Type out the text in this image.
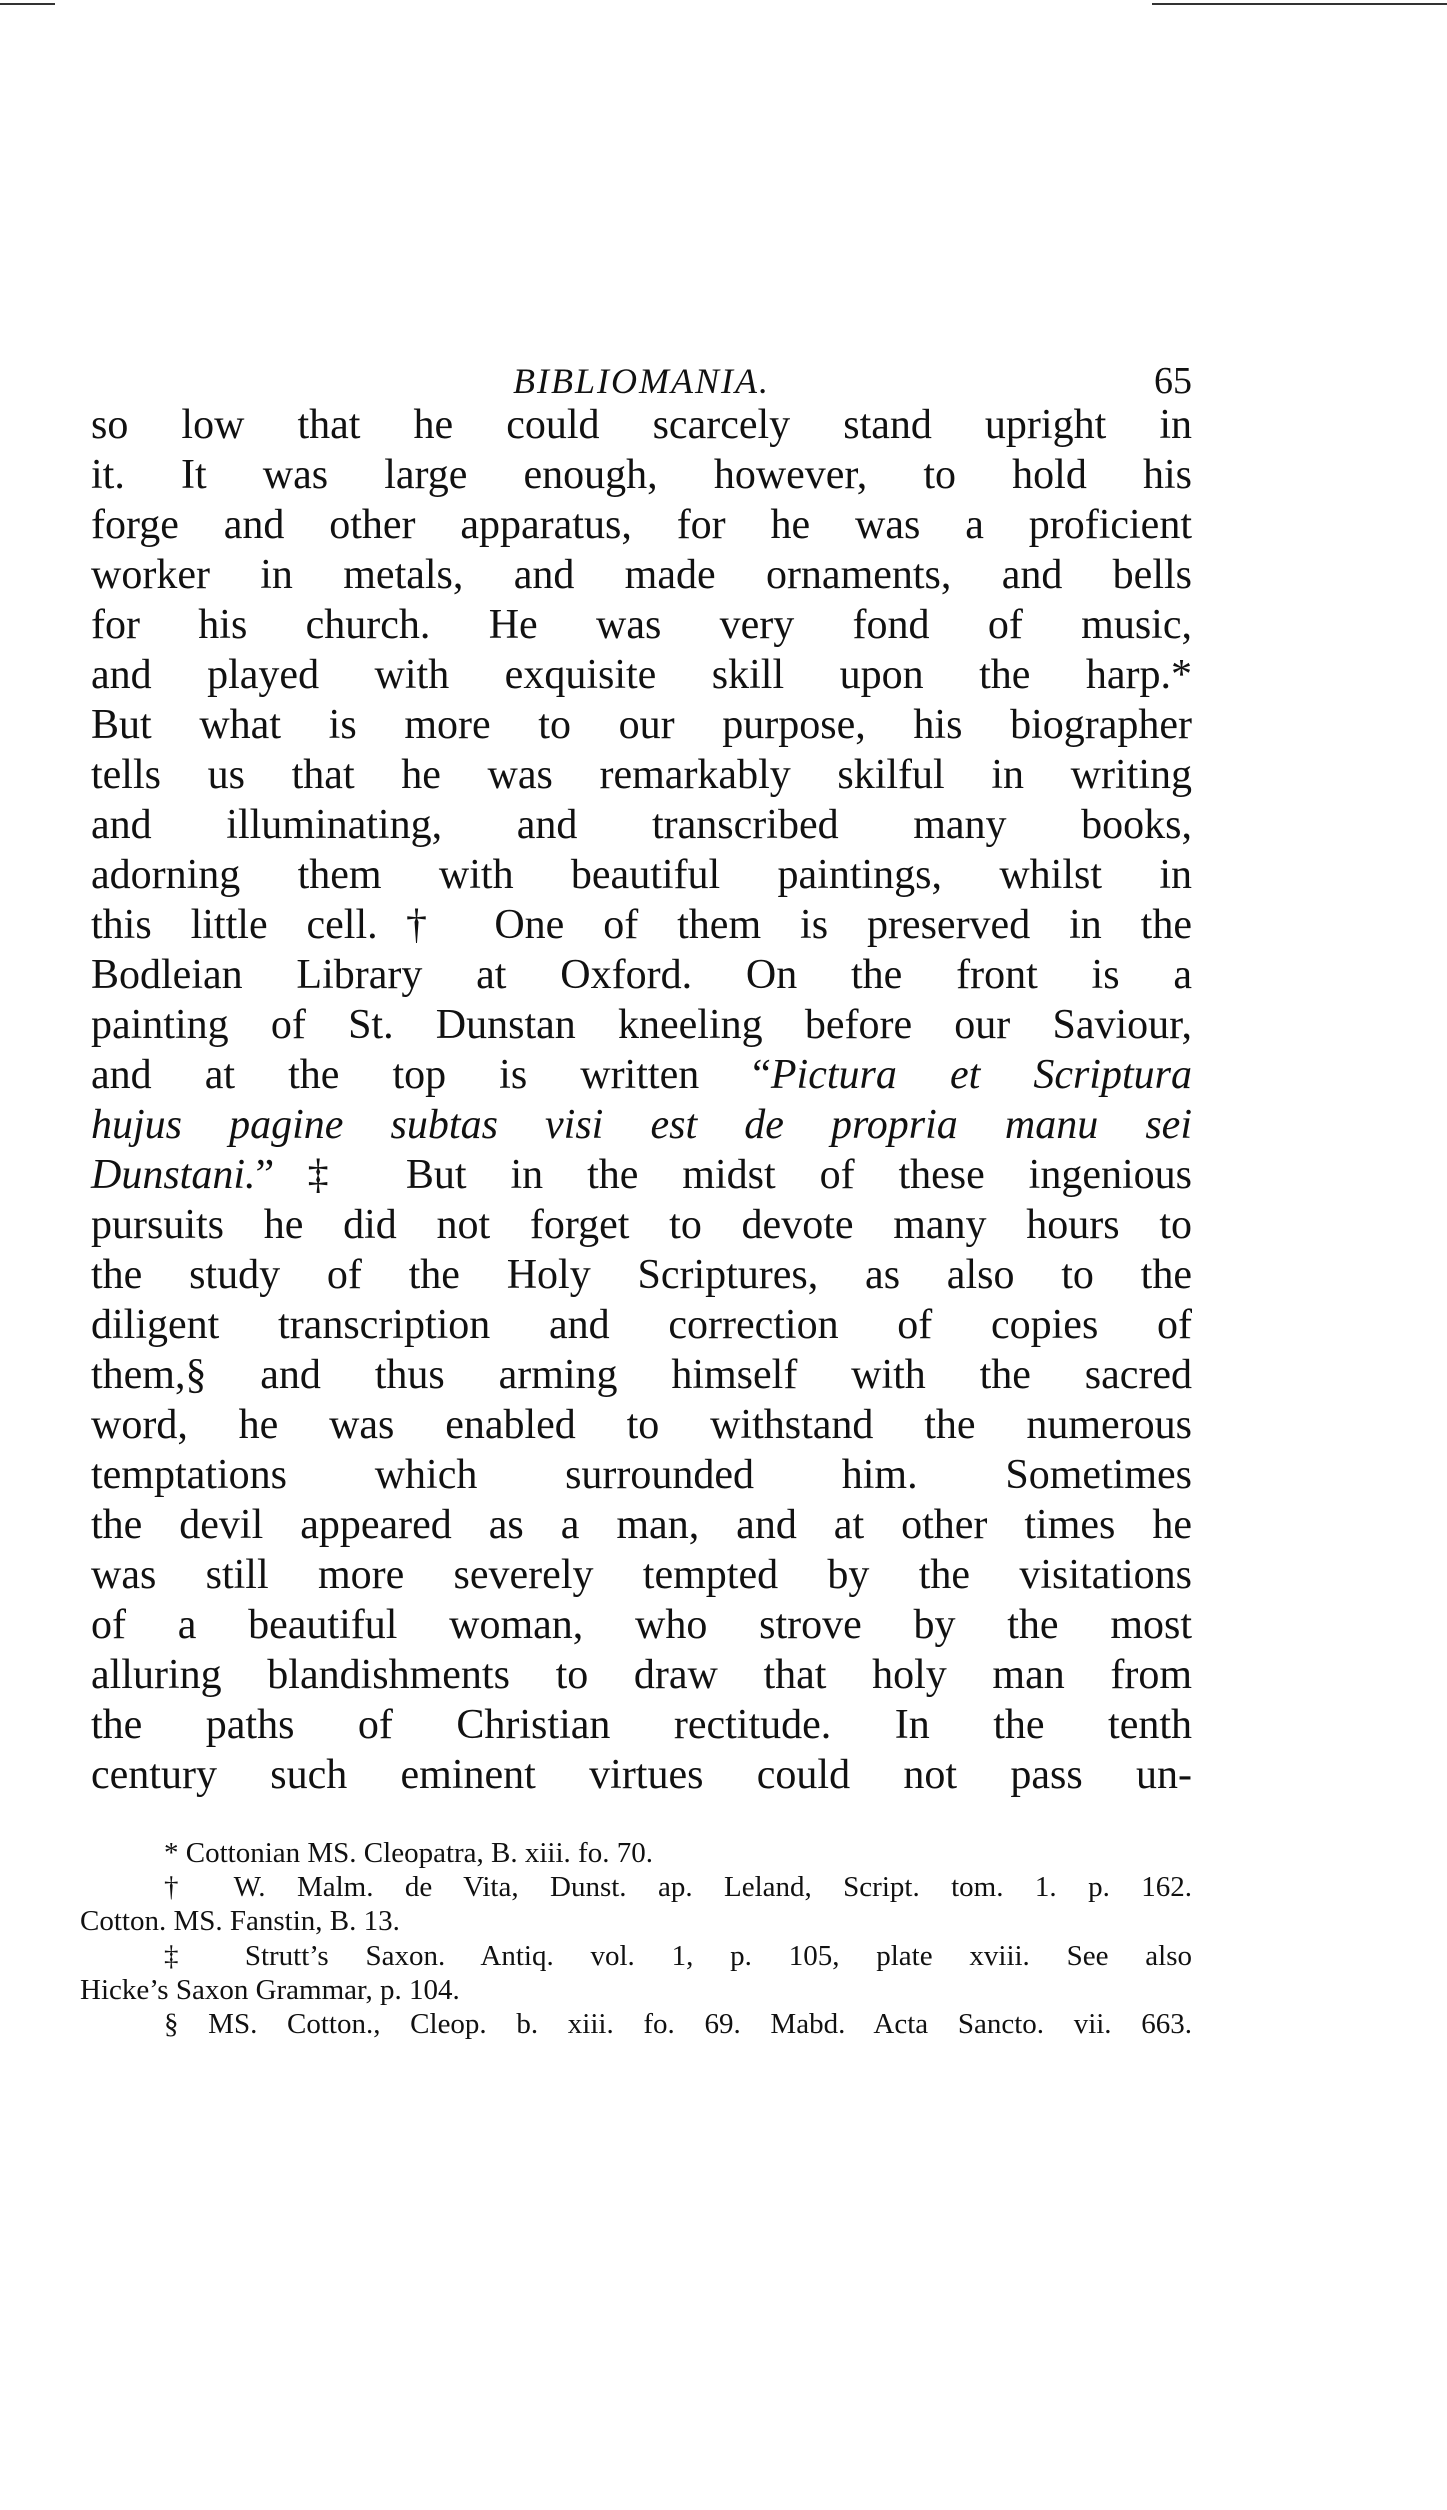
BIBLIOMANIA.	65
so low that he could scarcely stand upright in
it. It was large enough, however, to hold his
forge and other apparatus, for he was a proficient
worker in metals, and made ornaments, and bells
for his church. He was very fond of music,
and played with exquisite skill upon the harp.*
But what is more to our purpose, his biographer
tells us that he was remarkably skilful in writing
and illuminating, and transcribed many books,
adorning them with beautiful paintings, whilst in
this little cell.† One of them is preserved in the
Bodleian Library at Oxford. On the front is a
painting of St. Dunstan kneeling before our Saviour,
and at the top is written “Pictura et Scriptura
hujus pagine subtas visi est de propria manu sei
Dunstani.”‡ But in the midst of these ingenious
pursuits he did not forget to devote many hours to
the study of the Holy Scriptures, as also to the
diligent transcription and correction of copies of
them,§ and thus arming himself with the sacred
word, he was enabled to withstand the numerous
temptations which surrounded him. Sometimes
the devil appeared as a man, and at other times he
was still more severely tempted by the visitations
of a beautiful woman, who strove by the most
alluring blandishments to draw that holy man from
the paths of Christian rectitude. In the tenth
century such eminent virtues could not pass un-
* Cottonian MS. Cleopatra, B. xiii. fo. 70.
† W. Malm. de Vita, Dunst. ap. Leland, Script. tom. 1. p. 162.
Cotton. MS. Fanstin, B. 13.
‡ Strutt’s Saxon. Antiq. vol. 1, p. 105, plate xviii. See also
Hicke’s Saxon Grammar, p. 104.
§ MS. Cotton., Cleop. b. xiii. fo. 69. Mabd. Acta Sancto. vii. 663.
